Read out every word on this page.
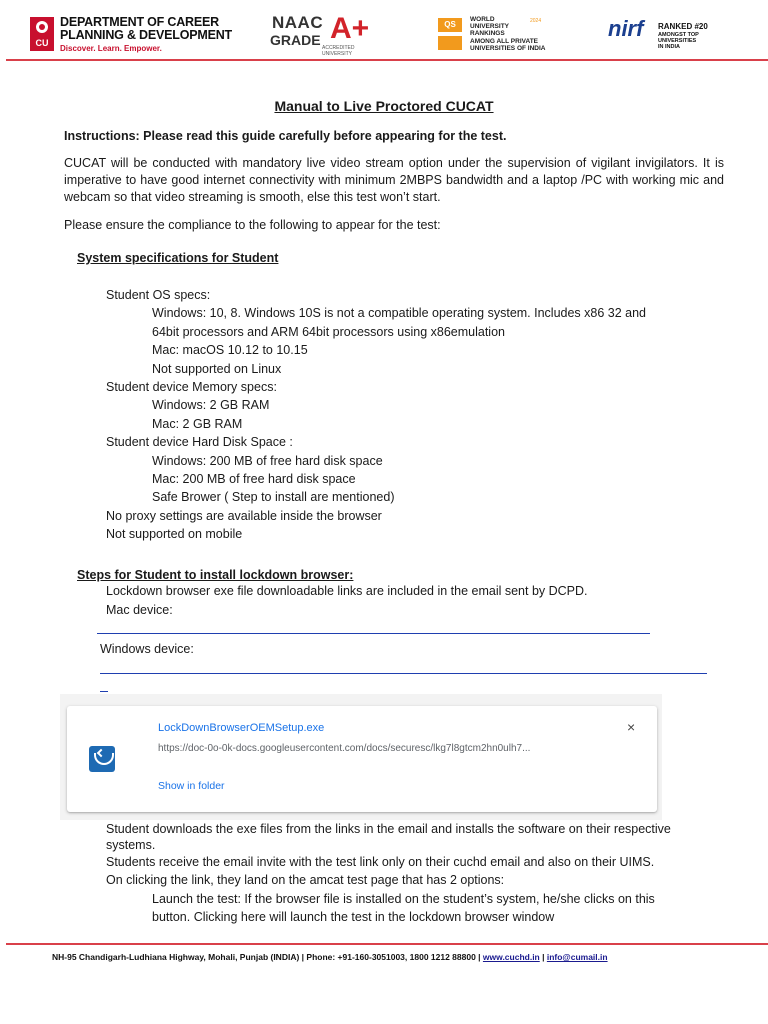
CU
DEPARTMENT OF CAREER
PLANNING & DEVELOPMENT
Discover. Learn. Empower.
NAAC
GRADE A+
ACCREDITED UNIVERSITY
QS
WORLD
UNIVERSITY
RANKINGS
2024
AMONG ALL PRIVATE
UNIVERSITIES OF INDIA
nirf RANKED #20
AMONGST TOP
UNIVERSITIES
IN INDIA
Manual to Live Proctored CUCAT
Instructions: Please read this guide carefully before appearing for the test.
CUCAT will be conducted with mandatory live video stream option under the supervision of vigilant invigilators. It is imperative to have good internet connectivity with minimum 2MBPS bandwidth and a laptop /PC with working mic and webcam so that video streaming is smooth, else this test won’t start.
Please ensure the compliance to the following to appear for the test:
System specifications for Student
Student OS specs:
Windows: 10, 8. Windows 10S is not a compatible operating system. Includes x86 32 and
64bit processors and ARM 64bit processors using x86emulation
Mac: macOS 10.12 to 10.15
Not supported on Linux
Student device Memory specs:
Windows: 2 GB RAM
Mac: 2 GB RAM
Student device Hard Disk Space :
Windows: 200 MB of free hard disk space
Mac: 200 MB of free hard disk space
Safe Brower ( Step to install are mentioned)
No proxy settings are available inside the browser
Not supported on mobile
Steps for Student to install lockdown browser:
Lockdown browser exe file downloadable links are included in the email sent by DCPD.
Mac device:
Windows device:
LockDownBrowserOEMSetup.exe
https://doc-0o-0k-docs.googleusercontent.com/docs/securesc/lkg7l8gtcm2hn0ulh7...
Show in folder
×
Student downloads the exe files from the links in the email and installs the software on their respective
systems.
Students receive the email invite with the test link only on their cuchd email and also on their UIMS.
On clicking the link, they land on the amcat test page that has 2 options:
Launch the test: If the browser file is installed on the student’s system, he/she clicks on this
button. Clicking here will launch the test in the lockdown browser window
NH-95 Chandigarh-Ludhiana Highway, Mohali, Punjab (INDIA) | Phone: +91-160-3051003, 1800 1212 88800 | www.cuchd.in | info@cumail.in
